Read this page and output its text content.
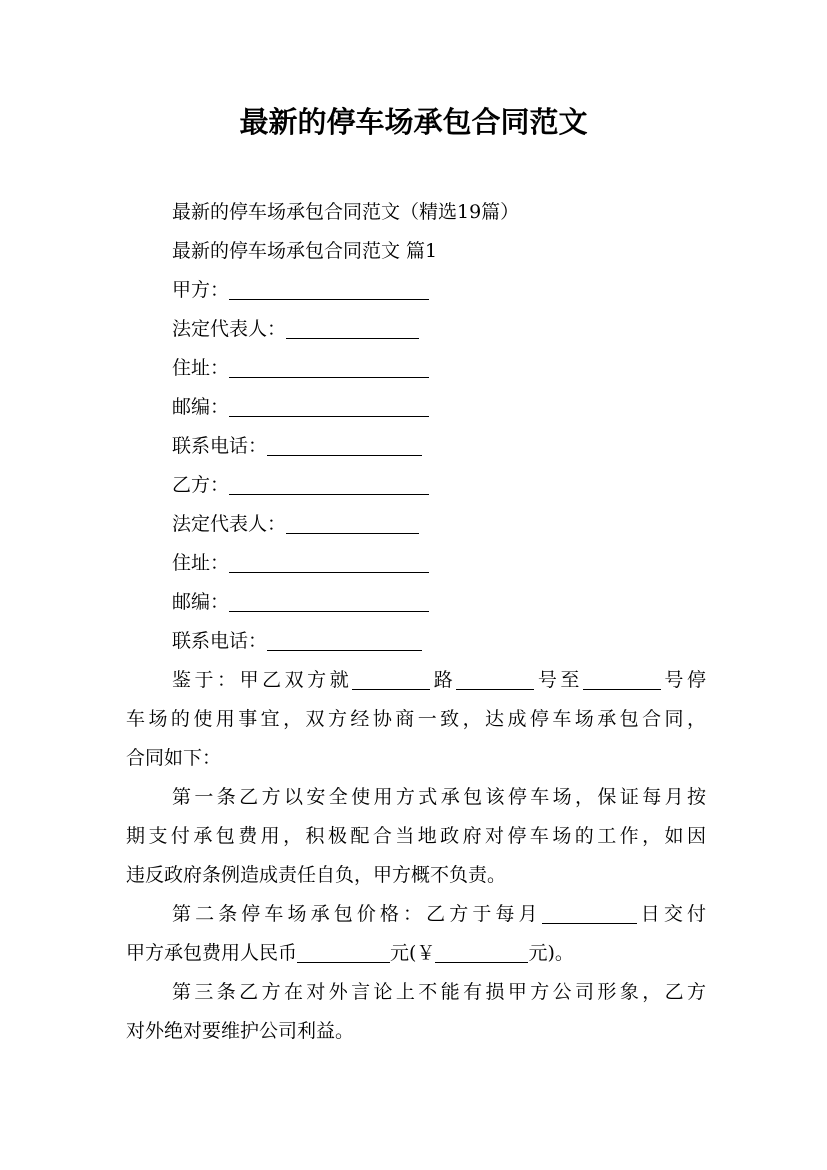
最新的停车场承包合同范文

最新的停车场承包合同范文（精选19篇）

最新的停车场承包合同范文 篇1

甲方：

法定代表人：

住址：

邮编：

联系电话：

乙方：

法定代表人：

住址：

邮编：

联系电话：

鉴于：甲乙双方就	路	号至	号停

车场的使用事宜，双方经协商一致，达成停车场承包合同，

合同如下：

第一条乙方以安全使用方式承包该停车场，保证每月按

期支付承包费用，积极配合当地政府对停车场的工作，如因

违反政府条例造成责任自负，甲方概不负责。

第二条停车场承包价格：乙方于每月	日交付

甲方承包费用人民币	元(￥	元)。

第三条乙方在对外言论上不能有损甲方公司形象，乙方

对外绝对要维护公司利益。
